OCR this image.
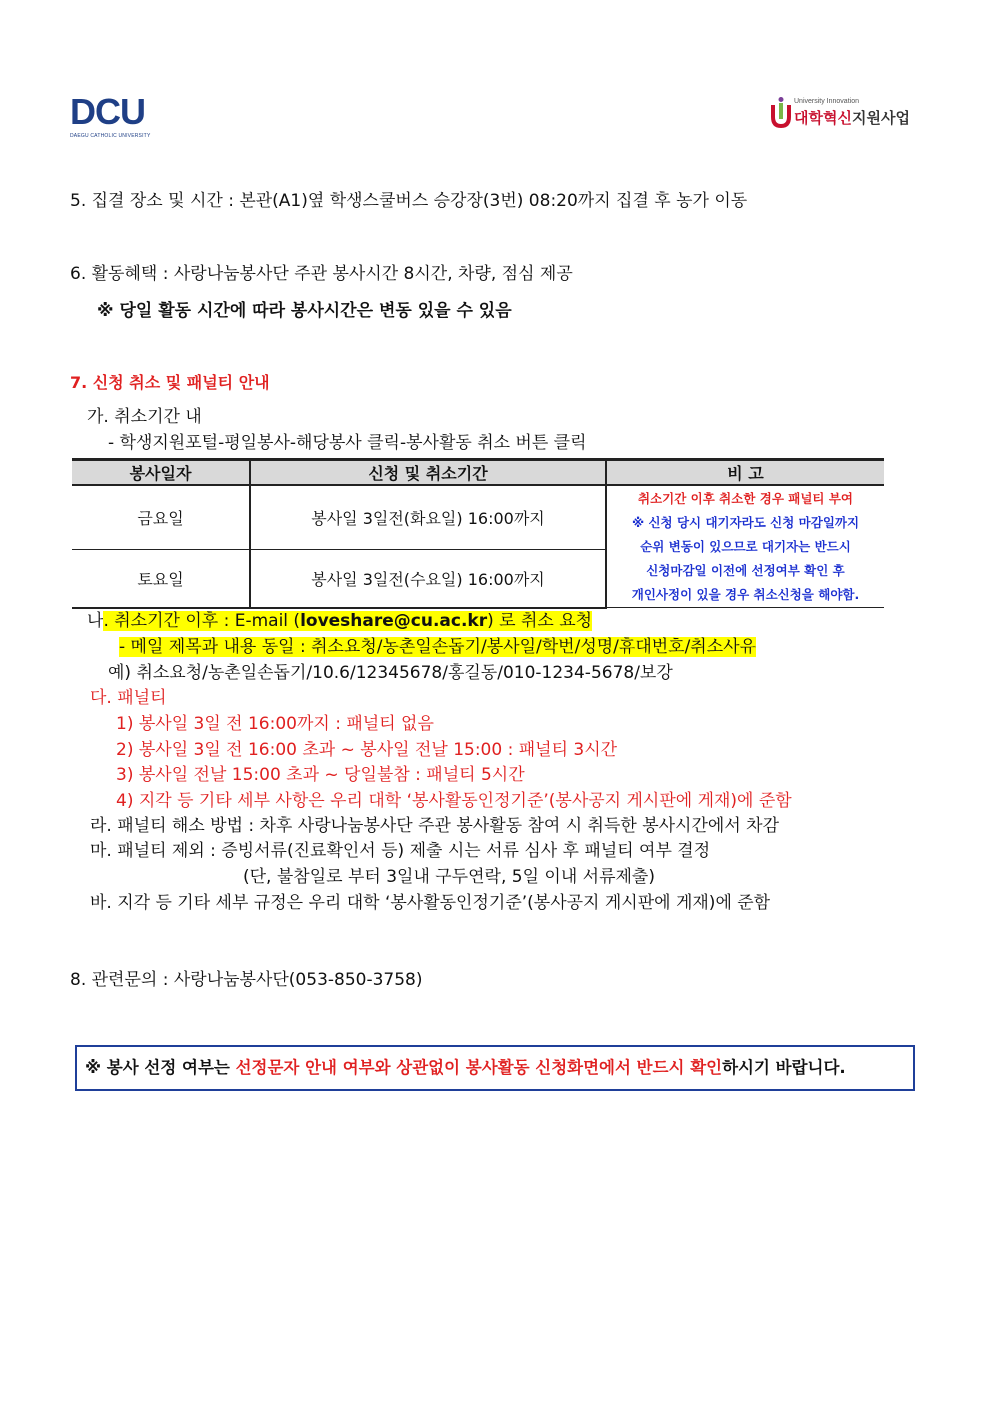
DCU
DAEGU CATHOLIC UNIVERSITY
University Innovation
대학혁신지원사업
5. 집결 장소 및 시간 : 본관(A1)옆 학생스쿨버스 승강장(3번) 08:20까지 집결 후 농가 이동
6. 활동혜택 : 사랑나눔봉사단 주관 봉사시간 8시간, 차량, 점심 제공
※ 당일 활동 시간에 따라 봉사시간은 변동 있을 수 있음
7. 신청 취소 및 패널티 안내
가. 취소기간 내
- 학생지원포털-평일봉사-해당봉사 클릭-봉사활동 취소 버튼 클릭
봉사일자	신청 및 취소기간	비 고
금요일	봉사일 3일전(화요일) 16:00까지	취소기간 이후 취소한 경우 패널티 부여
※ 신청 당시 대기자라도 신청 마감일까지
순위 변동이 있으므로 대기자는 반드시
신청마감일 이전에 선정여부 확인 후
개인사정이 있을 경우 취소신청을 해야함.

토요일	봉사일 3일전(수요일) 16:00까지	
나. 취소기간 이후 : E-mail (loveshare@cu.ac.kr) 로 취소 요청
- 메일 제목과 내용 동일 : 취소요청/농촌일손돕기/봉사일/학번/성명/휴대번호/취소사유
예) 취소요청/농촌일손돕기/10.6/12345678/홍길동/010-1234-5678/보강
다. 패널티
1) 봉사일 3일 전 16:00까지 : 패널티 없음
2) 봉사일 3일 전 16:00 초과 ~ 봉사일 전날 15:00 : 패널티 3시간
3) 봉사일 전날 15:00 초과 ~ 당일불참 : 패널티 5시간
4) 지각 등 기타 세부 사항은 우리 대학 ‘봉사활동인정기준’(봉사공지 게시판에 게재)에 준함
라. 패널티 해소 방법 : 차후 사랑나눔봉사단 주관 봉사활동 참여 시 취득한 봉사시간에서 차감
마. 패널티 제외 : 증빙서류(진료확인서 등) 제출 시는 서류 심사 후 패널티 여부 결정
(단, 불참일로 부터 3일내 구두연락, 5일 이내 서류제출)
바. 지각 등 기타 세부 규정은 우리 대학 ‘봉사활동인정기준’(봉사공지 게시판에 게재)에 준함
8. 관련문의 : 사랑나눔봉사단(053-850-3758)
※ 봉사 선정 여부는 선정문자 안내 여부와 상관없이 봉사활동 신청화면에서 반드시 확인하시기 바랍니다.
